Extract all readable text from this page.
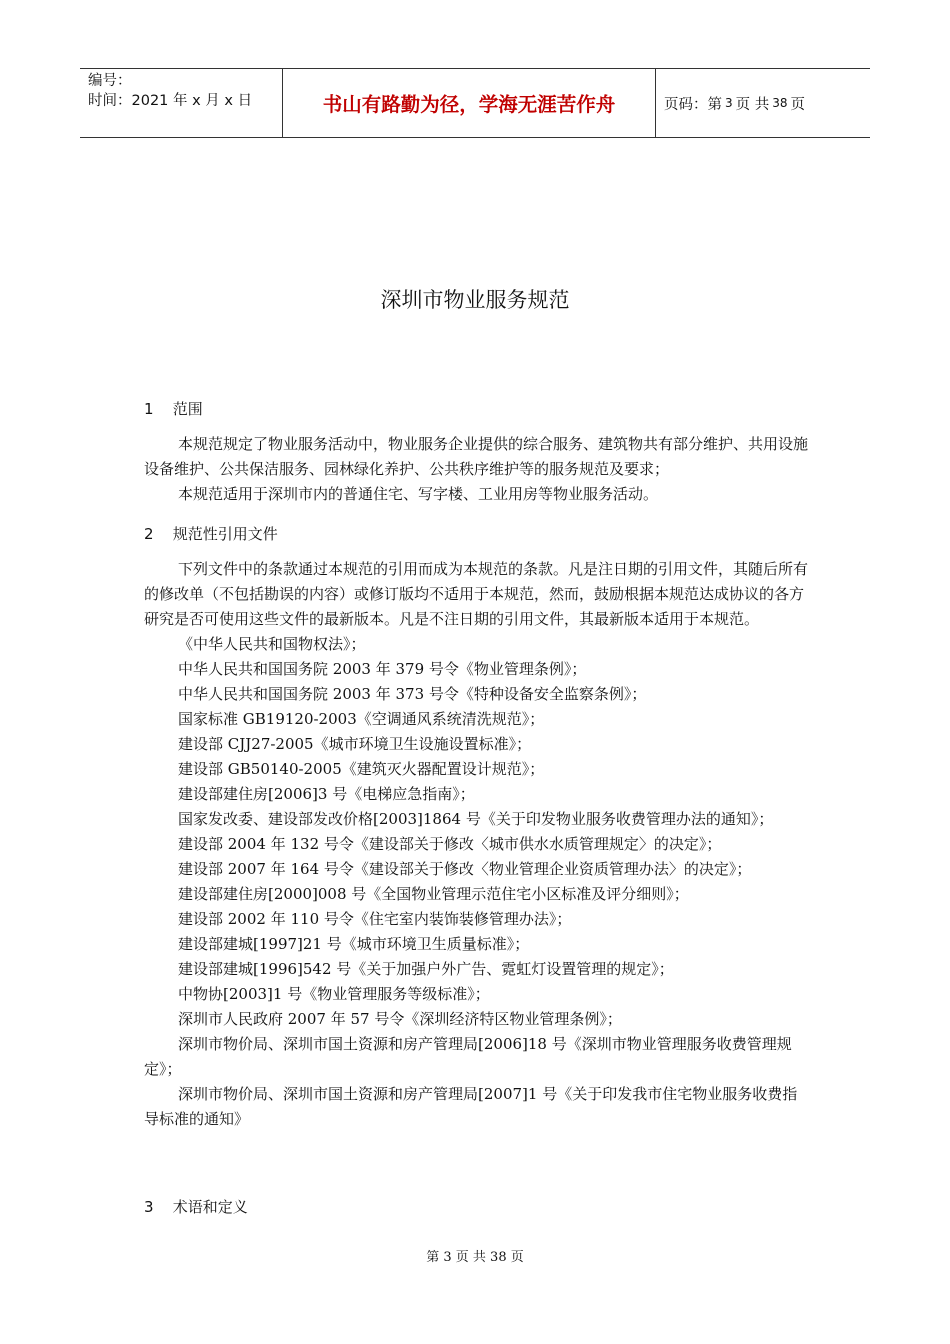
编号：
时间：2021 年 x 月 x 日	书山有路勤为径，学海无涯苦作舟	页码：第 3 页 共 38 页
深圳市物业服务规范
1 范围

本规范规定了物业服务活动中，物业服务企业提供的综合服务、建筑物共有部分维护、共用设施设备维护、公共保洁服务、园林绿化养护、公共秩序维护等的服务规范及要求；

本规范适用于深圳市内的普通住宅、写字楼、工业用房等物业服务活动。

2 规范性引用文件

下列文件中的条款通过本规范的引用而成为本规范的条款。凡是注日期的引用文件，其随后所有的修改单（不包括勘误的内容）或修订版均不适用于本规范，然而，鼓励根据本规范达成协议的各方研究是否可使用这些文件的最新版本。凡是不注日期的引用文件，其最新版本适用于本规范。

《中华人民共和国物权法》；

中华人民共和国国务院 2003 年 379 号令《物业管理条例》；

中华人民共和国国务院 2003 年 373 号令《特种设备安全监察条例》；

国家标准 GB19120-2003《空调通风系统清洗规范》；

建设部 CJJ27-2005《城市环境卫生设施设置标准》；

建设部 GB50140-2005《建筑灭火器配置设计规范》；

建设部建住房[2006]3 号《电梯应急指南》；

国家发改委、建设部发改价格[2003]1864 号《关于印发物业服务收费管理办法的通知》；

建设部 2004 年 132 号令《建设部关于修改〈城市供水水质管理规定〉的决定》；

建设部 2007 年 164 号令《建设部关于修改〈物业管理企业资质管理办法〉的决定》；

建设部建住房[2000]008 号《全国物业管理示范住宅小区标准及评分细则》；

建设部 2002 年 110 号令《住宅室内装饰装修管理办法》；

建设部建城[1997]21 号《城市环境卫生质量标准》；

建设部建城[1996]542 号《关于加强户外广告、霓虹灯设置管理的规定》；

中物协[2003]1 号《物业管理服务等级标准》；

深圳市人民政府 2007 年 57 号令《深圳经济特区物业管理条例》；

深圳市物价局、深圳市国土资源和房产管理局[2006]18 号《深圳市物业管理服务收费管理规定》；

深圳市物价局、深圳市国土资源和房产管理局[2007]1 号《关于印发我市住宅物业服务收费指导标准的通知》

3 术语和定义
第 3 页 共 38 页
